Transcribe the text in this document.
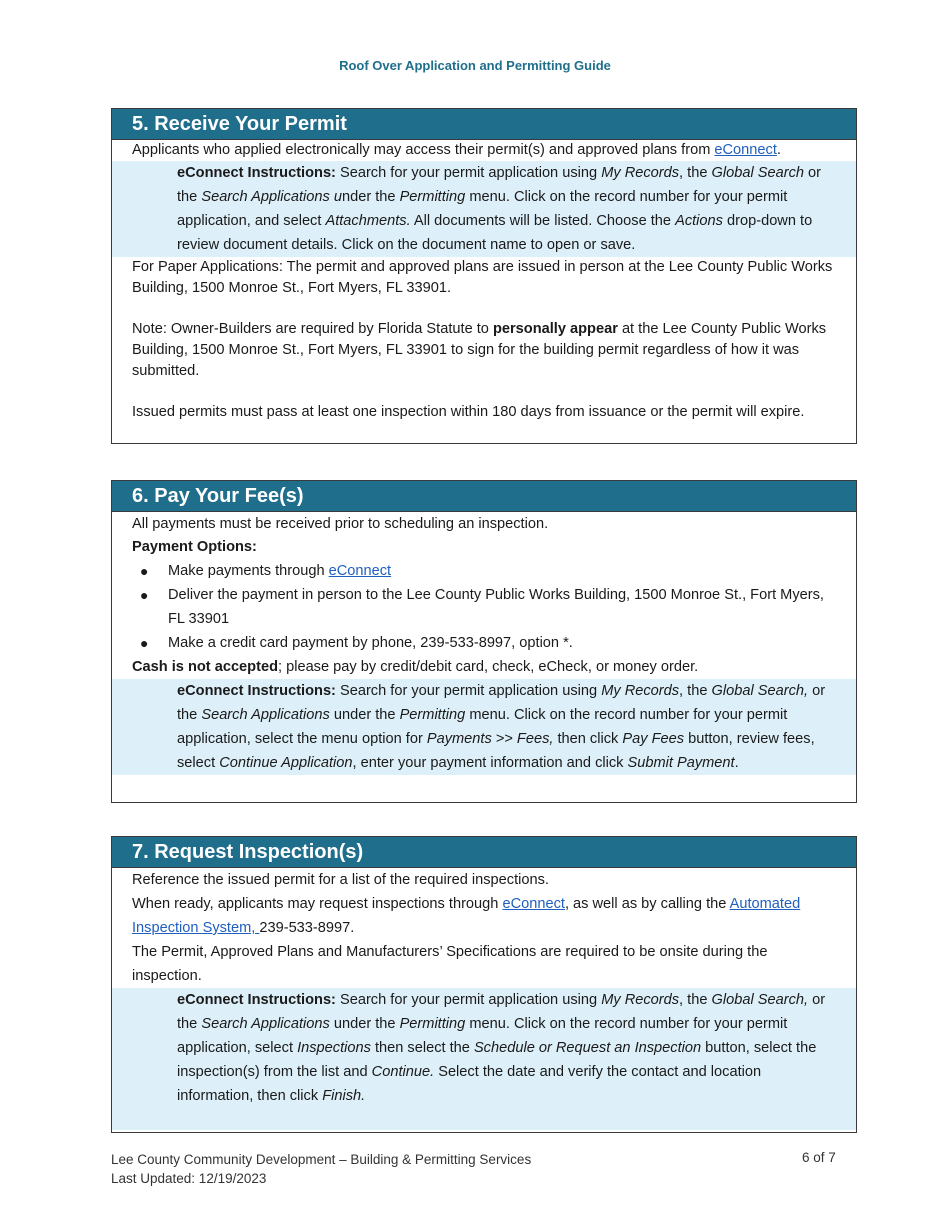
Roof Over Application and Permitting Guide
5. Receive Your Permit

Applicants who applied electronically may access their permit(s) and approved plans from eConnect.

eConnect Instructions: Search for your permit application using My Records, the Global Search or the Search Applications under the Permitting menu. Click on the record number for your permit application, and select Attachments. All documents will be listed. Choose the Actions drop-down to review document details. Click on the document name to open or save.

For Paper Applications: The permit and approved plans are issued in person at the Lee County Public Works Building, 1500 Monroe St., Fort Myers, FL 33901.

Note: Owner-Builders are required by Florida Statute to personally appear at the Lee County Public Works Building, 1500 Monroe St., Fort Myers, FL 33901 to sign for the building permit regardless of how it was submitted.

Issued permits must pass at least one inspection within 180 days from issuance or the permit will expire.

6. Pay Your Fee(s)

All payments must be received prior to scheduling an inspection.

Payment Options:

● Make payments through eConnect
● Deliver the payment in person to the Lee County Public Works Building, 1500 Monroe St., Fort Myers, FL 33901
● Make a credit card payment by phone, 239-533-8997, option *.

Cash is not accepted; please pay by credit/debit card, check, eCheck, or money order.

eConnect Instructions: Search for your permit application using My Records, the Global Search, or the Search Applications under the Permitting menu. Click on the record number for your permit application, select the menu option for Payments >> Fees, then click Pay Fees button, review fees, select Continue Application, enter your payment information and click Submit Payment.
7. Request Inspection(s)

Reference the issued permit for a list of the required inspections.

When ready, applicants may request inspections through eConnect, as well as by calling the Automated Inspection System, 239-533-8997.

The Permit, Approved Plans and Manufacturers’ Specifications are required to be onsite during the inspection.

eConnect Instructions: Search for your permit application using My Records, the Global Search, or the Search Applications under the Permitting menu. Click on the record number for your permit application, select Inspections then select the Schedule or Request an Inspection button, select the inspection(s) from the list and Continue. Select the date and verify the contact and location information, then click Finish.
Lee County Community Development – Building & Permitting Services
Last Updated: 12/19/2023
6 of 7
